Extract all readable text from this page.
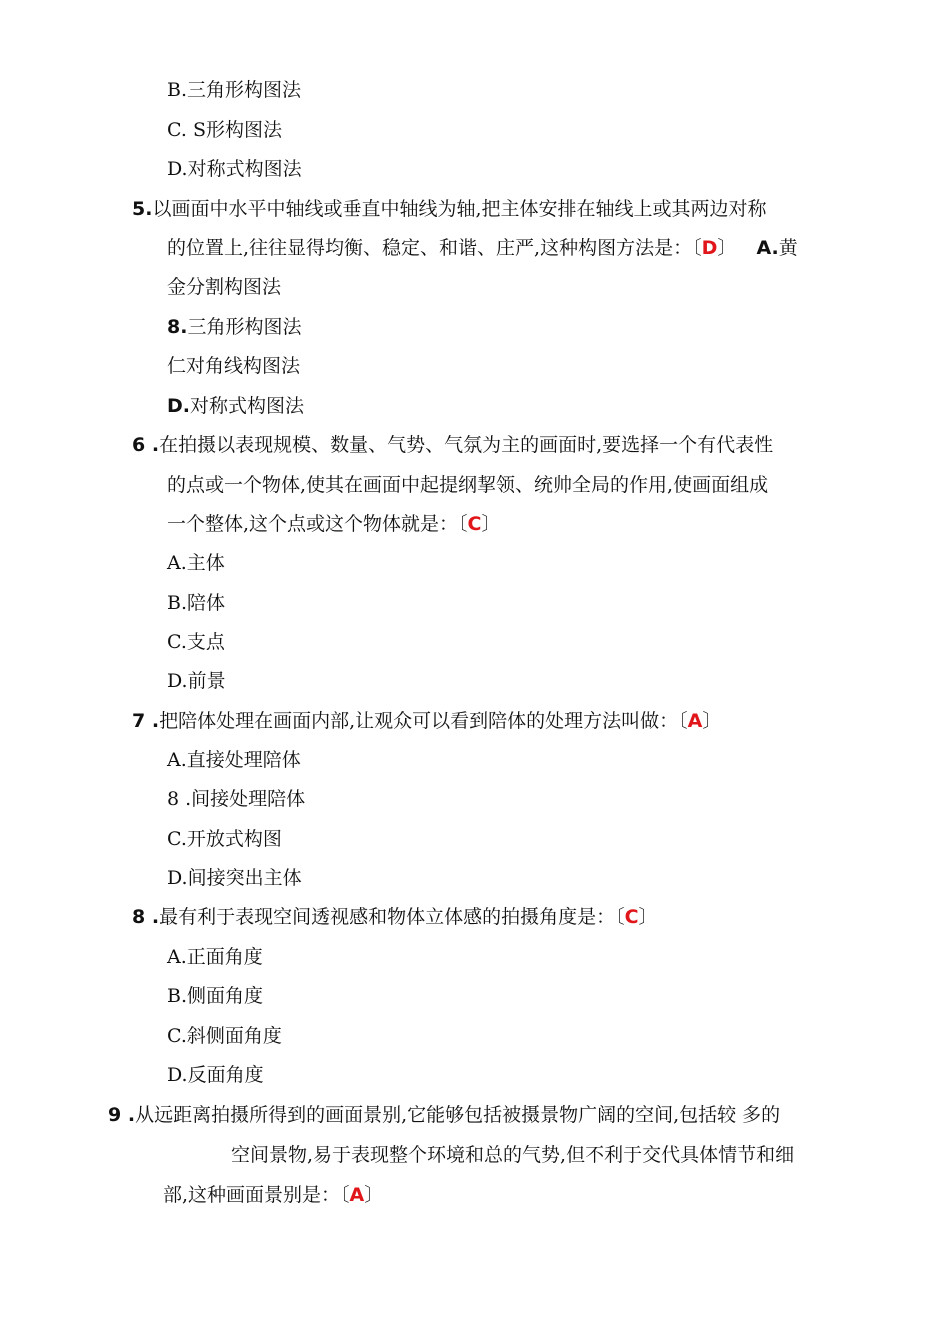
B.三角形构图法
C. S形构图法
D.对称式构图法
5.以画面中水平中轴线或垂直中轴线为轴,把主体安排在轴线上或其两边对称
的位置上,往往显得均衡、稳定、和谐、庄严,这种构图方法是：〔D〕 A.黄
金分割构图法
8.三角形构图法
仁对角线构图法
D.对称式构图法
6 .在拍摄以表现规模、数量、气势、气氛为主的画面时,要选择一个有代表性
的点或一个物体,使其在画面中起提纲挈领、统帅全局的作用,使画面组成
一个整体,这个点或这个物体就是：〔C〕
A.主体
B.陪体
C.支点
D.前景
7 .把陪体处理在画面内部,让观众可以看到陪体的处理方法叫做：〔A〕
A.直接处理陪体
8 .间接处理陪体
C.开放式构图
D.间接突出主体
8 .最有利于表现空间透视感和物体立体感的拍摄角度是：〔C〕
A.正面角度
B.侧面角度
C.斜侧面角度
D.反面角度
9 .从远距离拍摄所得到的画面景别,它能够包括被摄景物广阔的空间,包括较 多的
空间景物,易于表现整个环境和总的气势,但不利于交代具体情节和细
部,这种画面景别是：〔A〕
